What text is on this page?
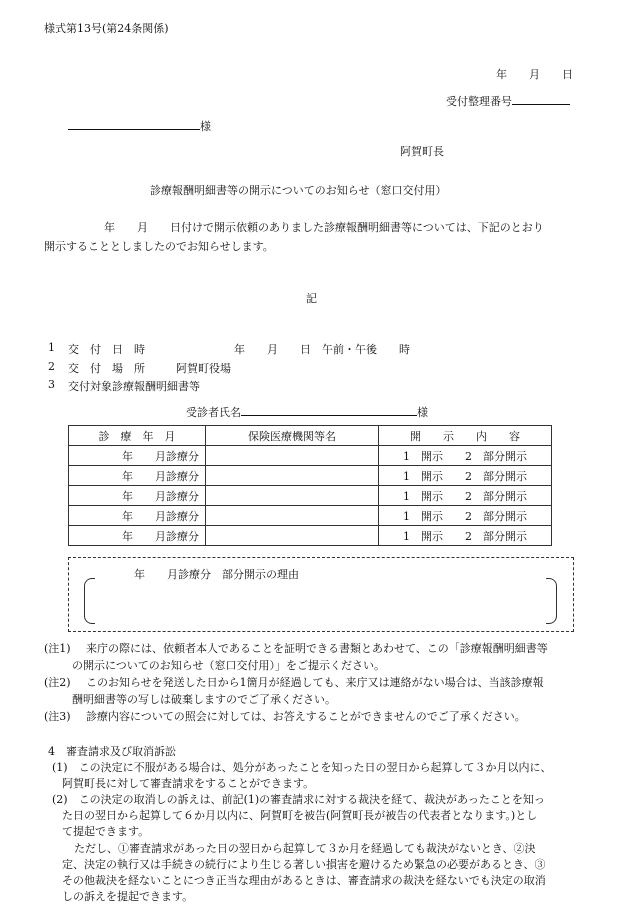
様式第13号(第24条関係)
年　　月　　日
受付整理番号
様
阿賀町長
診療報酬明細書等の開示についてのお知らせ（窓口交付用）
年　　月　　日付けで開示依頼のありました診療報酬明細書等については、下記のとおり
開示することとしましたのでお知らせします。
記
1 交　付　日　時	年　　月　　日　午前・午後　　時
2 交　付　場　所	阿賀町役場
3 交付対象診療報酬明細書等
受診者氏名	様
診　療　年　月	保険医療機関等名	開　　示　　内　　容
年　　月診療分		1　開示　　2　部分開示
年　　月診療分		1　開示　　2　部分開示
年　　月診療分		1　開示　　2　部分開示
年　　月診療分		1　開示　　2　部分開示
年　　月診療分		1　開示　　2　部分開示
年　　月診療分　部分開示の理由
(注1) 来庁の際には、依頼者本人であることを証明できる書類とあわせて、この「診療報酬明細書等
の開示についてのお知らせ（窓口交付用）」をご提示ください。
(注2) このお知らせを発送した日から1箇月が経過しても、来庁又は連絡がない場合は、当該診療報
酬明細書等の写しは破棄しますのでご了承ください。
(注3) 診療内容についての照会に対しては、お答えすることができませんのでご了承ください。
4　審査請求及び取消訴訟
(1)　この決定に不服がある場合は、処分があったことを知った日の翌日から起算して３か月以内に、
阿賀町長に対して審査請求をすることができます。
(2)　この決定の取消しの訴えは、前記(1)の審査請求に対する裁決を経て、裁決があったことを知っ
た日の翌日から起算して６か月以内に、阿賀町を被告(阿賀町長が被告の代表者となります。)とし
て提起できます。
ただし、①審査請求があった日の翌日から起算して３か月を経過しても裁決がないとき、②決
定、決定の執行又は手続きの続行により生じる著しい損害を避けるため緊急の必要があるとき、③
その他裁決を経ないことにつき正当な理由があるときは、審査請求の裁決を経ないでも決定の取消
しの訴えを提起できます。
